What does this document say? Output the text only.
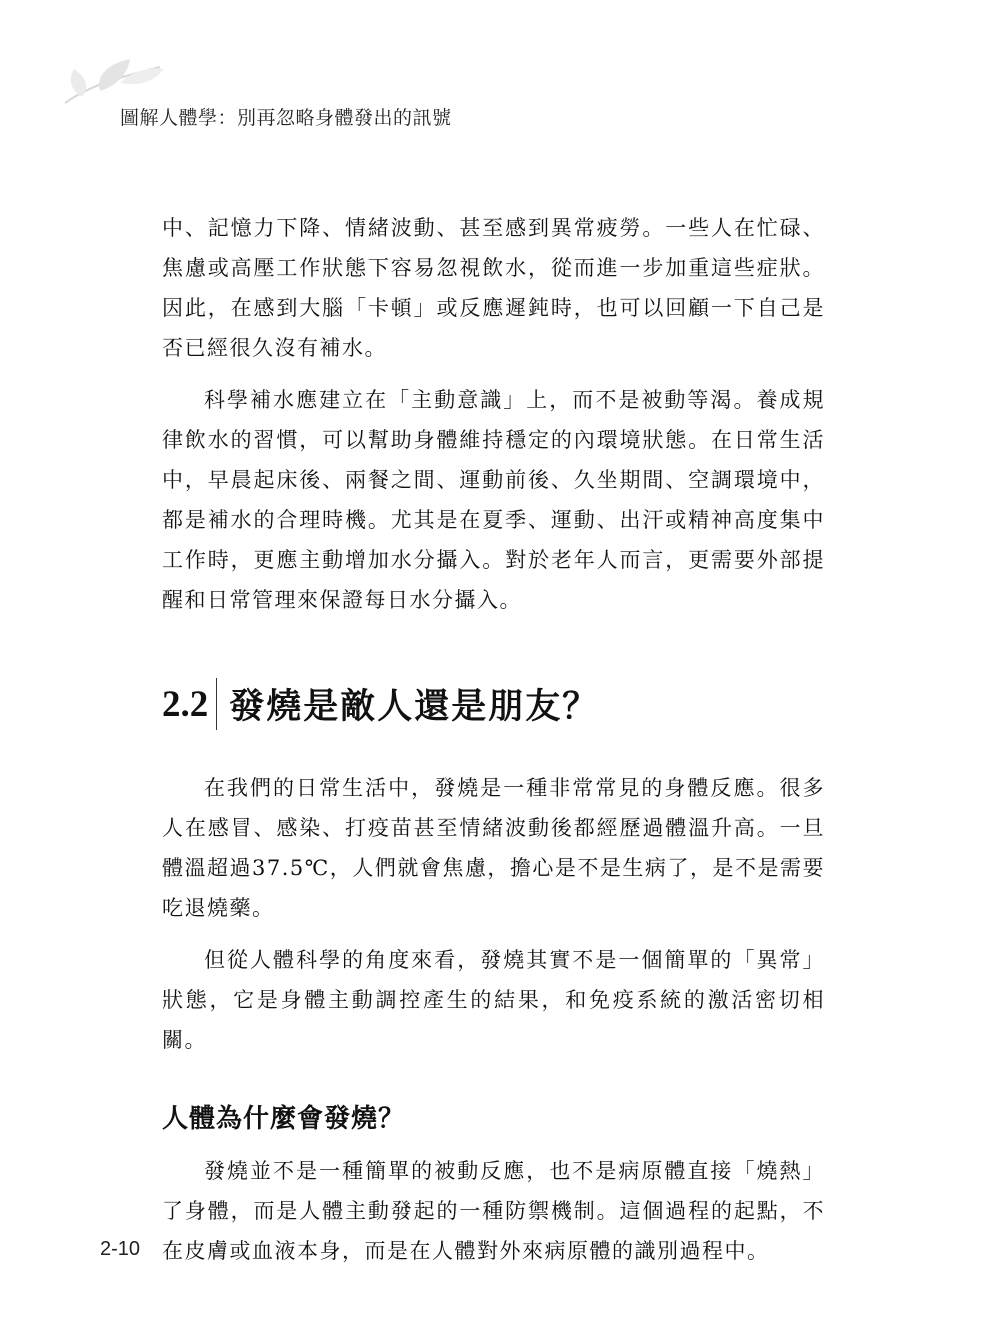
圖解人體學：別再忽略身體發出的訊號

中、記憶力下降、情緒波動、甚至感到異常疲勞。一些人在忙碌、焦慮或高壓工作狀態下容易忽視飲水，從而進一步加重這些症狀。因此，在感到大腦「卡頓」或反應遲鈍時，也可以回顧一下自己是否已經很久沒有補水。

科學補水應建立在「主動意識」上，而不是被動等渴。養成規律飲水的習慣，可以幫助身體維持穩定的內環境狀態。在日常生活中，早晨起床後、兩餐之間、運動前後、久坐期間、空調環境中，都是補水的合理時機。尤其是在夏季、運動、出汗或精神高度集中工作時，更應主動增加水分攝入。對於老年人而言，更需要外部提醒和日常管理來保證每日水分攝入。

2.2 發燒是敵人還是朋友？

在我們的日常生活中，發燒是一種非常常見的身體反應。很多人在感冒、感染、打疫苗甚至情緒波動後都經歷過體溫升高。一旦體溫超過37.5℃，人們就會焦慮，擔心是不是生病了，是不是需要吃退燒藥。

但從人體科學的角度來看，發燒其實不是一個簡單的「異常」狀態，它是身體主動調控產生的結果，和免疫系統的激活密切相關。

人體為什麼會發燒？

發燒並不是一種簡單的被動反應，也不是病原體直接「燒熱」了身體，而是人體主動發起的一種防禦機制。這個過程的起點，不在皮膚或血液本身，而是在人體對外來病原體的識別過程中。

2-10
